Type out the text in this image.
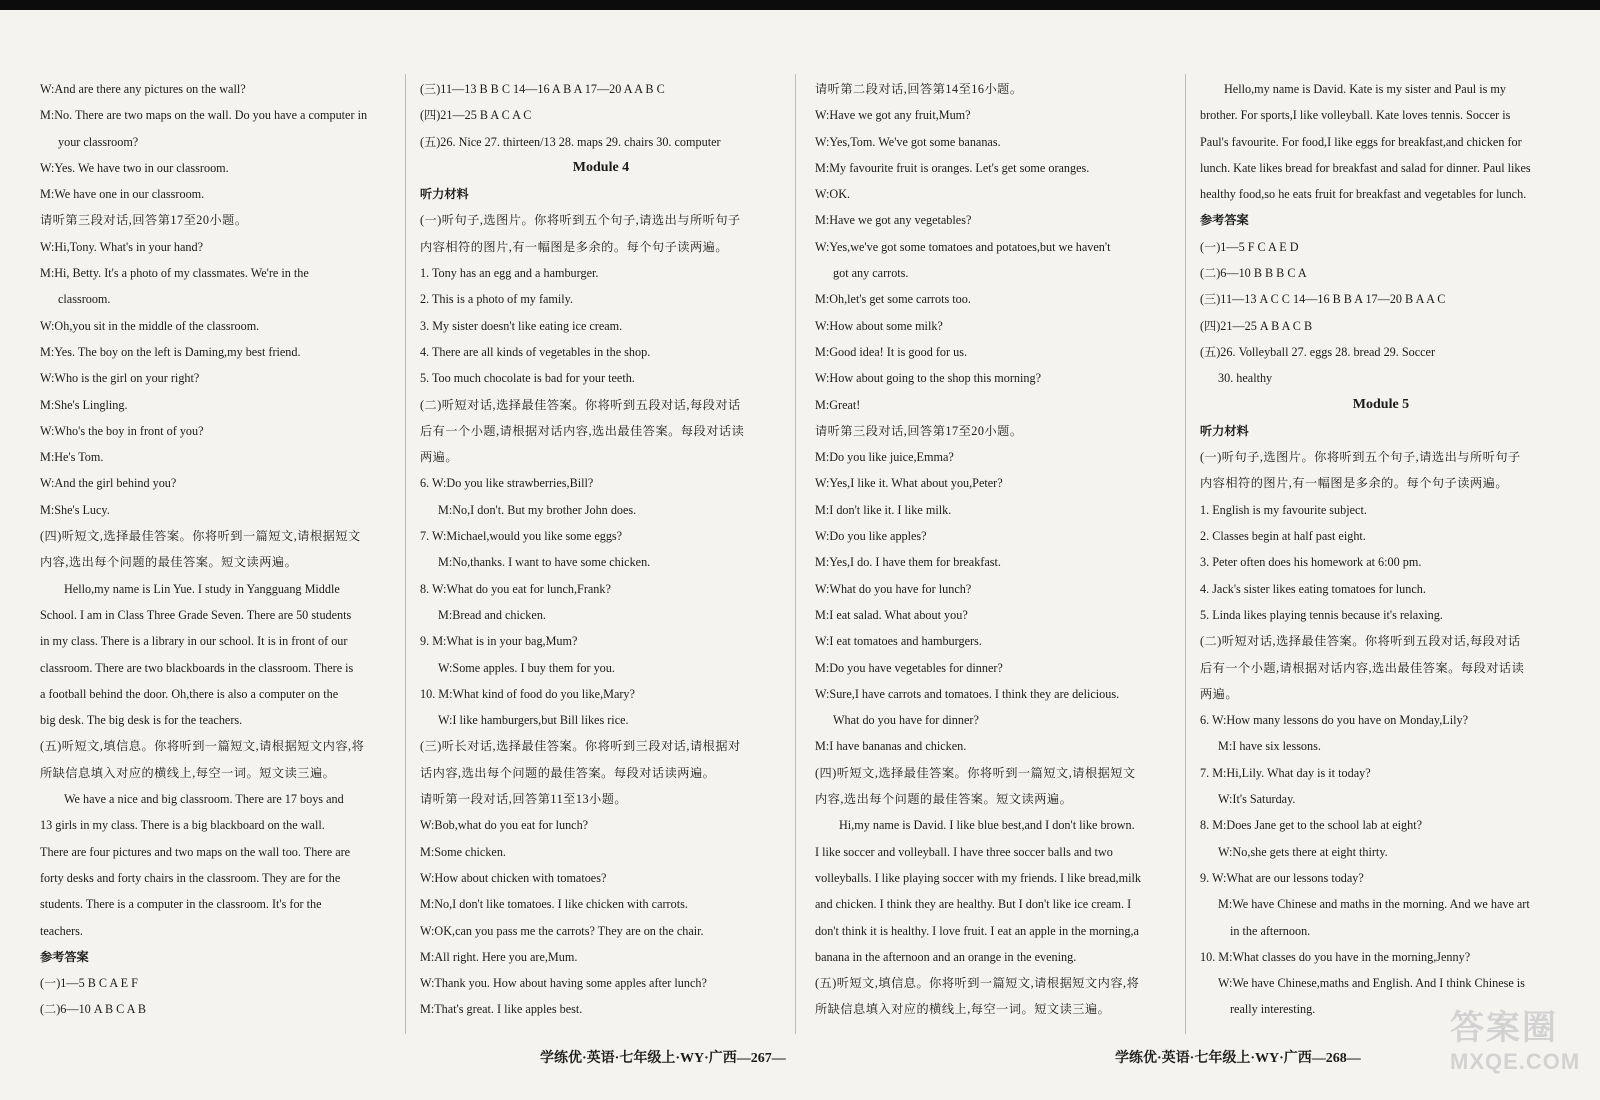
W:And are there any pictures on the wall?
M:No. There are two maps on the wall. Do you have a computer in
your classroom?
W:Yes. We have two in our classroom.
M:We have one in our classroom.
请听第三段对话,回答第17至20小题。
W:Hi,Tony. What's in your hand?
M:Hi, Betty. It's a photo of my classmates. We're in the
classroom.
W:Oh,you sit in the middle of the classroom.
M:Yes. The boy on the left is Daming,my best friend.
W:Who is the girl on your right?
M:She's Lingling.
W:Who's the boy in front of you?
M:He's Tom.
W:And the girl behind you?
M:She's Lucy.
(四)听短文,选择最佳答案。你将听到一篇短文,请根据短文
内容,选出每个问题的最佳答案。短文读两遍。
Hello,my name is Lin Yue. I study in Yangguang Middle
School. I am in Class Three Grade Seven. There are 50 students
in my class. There is a library in our school. It is in front of our
classroom. There are two blackboards in the classroom. There is
a football behind the door. Oh,there is also a computer on the
big desk. The big desk is for the teachers.
(五)听短文,填信息。你将听到一篇短文,请根据短文内容,将
所缺信息填入对应的横线上,每空一词。短文读三遍。
We have a nice and big classroom. There are 17 boys and
13 girls in my class. There is a big blackboard on the wall.
There are four pictures and two maps on the wall too. There are
forty desks and forty chairs in the classroom. They are for the
students. There is a computer in the classroom. It's for the
teachers.
参考答案
(一)1—5 B C A E F
(二)6—10 A B C A B
(三)11—13 B B C 14—16 A B A 17—20 A A B C
(四)21—25 B A C A C
(五)26. Nice 27. thirteen/13 28. maps 29. chairs 30. computer
Module 4
听力材料
(一)听句子,选图片。你将听到五个句子,请选出与所听句子
内容相符的图片,有一幅图是多余的。每个句子读两遍。
1. Tony has an egg and a hamburger.
2. This is a photo of my family.
3. My sister doesn't like eating ice cream.
4. There are all kinds of vegetables in the shop.
5. Too much chocolate is bad for your teeth.
(二)听短对话,选择最佳答案。你将听到五段对话,每段对话
后有一个小题,请根据对话内容,选出最佳答案。每段对话读
两遍。
6. W:Do you like strawberries,Bill?
M:No,I don't. But my brother John does.
7. W:Michael,would you like some eggs?
M:No,thanks. I want to have some chicken.
8. W:What do you eat for lunch,Frank?
M:Bread and chicken.
9. M:What is in your bag,Mum?
W:Some apples. I buy them for you.
10. M:What kind of food do you like,Mary?
W:I like hamburgers,but Bill likes rice.
(三)听长对话,选择最佳答案。你将听到三段对话,请根据对
话内容,选出每个问题的最佳答案。每段对话读两遍。
请听第一段对话,回答第11至13小题。
W:Bob,what do you eat for lunch?
M:Some chicken.
W:How about chicken with tomatoes?
M:No,I don't like tomatoes. I like chicken with carrots.
W:OK,can you pass me the carrots? They are on the chair.
M:All right. Here you are,Mum.
W:Thank you. How about having some apples after lunch?
M:That's great. I like apples best.
请听第二段对话,回答第14至16小题。
W:Have we got any fruit,Mum?
W:Yes,Tom. We've got some bananas.
M:My favourite fruit is oranges. Let's get some oranges.
W:OK.
M:Have we got any vegetables?
W:Yes,we've got some tomatoes and potatoes,but we haven't
got any carrots.
M:Oh,let's get some carrots too.
W:How about some milk?
M:Good idea! It is good for us.
W:How about going to the shop this morning?
M:Great!
请听第三段对话,回答第17至20小题。
M:Do you like juice,Emma?
W:Yes,I like it. What about you,Peter?
M:I don't like it. I like milk.
W:Do you like apples?
M:Yes,I do. I have them for breakfast.
W:What do you have for lunch?
M:I eat salad. What about you?
W:I eat tomatoes and hamburgers.
M:Do you have vegetables for dinner?
W:Sure,I have carrots and tomatoes. I think they are delicious.
What do you have for dinner?
M:I have bananas and chicken.
(四)听短文,选择最佳答案。你将听到一篇短文,请根据短文
内容,选出每个问题的最佳答案。短文读两遍。
Hi,my name is David. I like blue best,and I don't like brown.
I like soccer and volleyball. I have three soccer balls and two
volleyballs. I like playing soccer with my friends. I like bread,milk
and chicken. I think they are healthy. But I don't like ice cream. I
don't think it is healthy. I love fruit. I eat an apple in the morning,a
banana in the afternoon and an orange in the evening.
(五)听短文,填信息。你将听到一篇短文,请根据短文内容,将
所缺信息填入对应的横线上,每空一词。短文读三遍。
Hello,my name is David. Kate is my sister and Paul is my
brother. For sports,I like volleyball. Kate loves tennis. Soccer is
Paul's favourite. For food,I like eggs for breakfast,and chicken for
lunch. Kate likes bread for breakfast and salad for dinner. Paul likes
healthy food,so he eats fruit for breakfast and vegetables for lunch.
参考答案
(一)1—5 F C A E D
(二)6—10 B B B C A
(三)11—13 A C C 14—16 B B A 17—20 B A A C
(四)21—25 A B A C B
(五)26. Volleyball 27. eggs 28. bread 29. Soccer
30. healthy
Module 5
听力材料
(一)听句子,选图片。你将听到五个句子,请选出与所听句子
内容相符的图片,有一幅图是多余的。每个句子读两遍。
1. English is my favourite subject.
2. Classes begin at half past eight.
3. Peter often does his homework at 6:00 pm.
4. Jack's sister likes eating tomatoes for lunch.
5. Linda likes playing tennis because it's relaxing.
(二)听短对话,选择最佳答案。你将听到五段对话,每段对话
后有一个小题,请根据对话内容,选出最佳答案。每段对话读
两遍。
6. W:How many lessons do you have on Monday,Lily?
M:I have six lessons.
7. M:Hi,Lily. What day is it today?
W:It's Saturday.
8. M:Does Jane get to the school lab at eight?
W:No,she gets there at eight thirty.
9. W:What are our lessons today?
M:We have Chinese and maths in the morning. And we have art
in the afternoon.
10. M:What classes do you have in the morning,Jenny?
W:We have Chinese,maths and English. And I think Chinese is
really interesting.
学练优·英语·七年级上·WY·广西—267—	学练优·英语·七年级上·WY·广西—268—
答案圈
MXQE.COM
